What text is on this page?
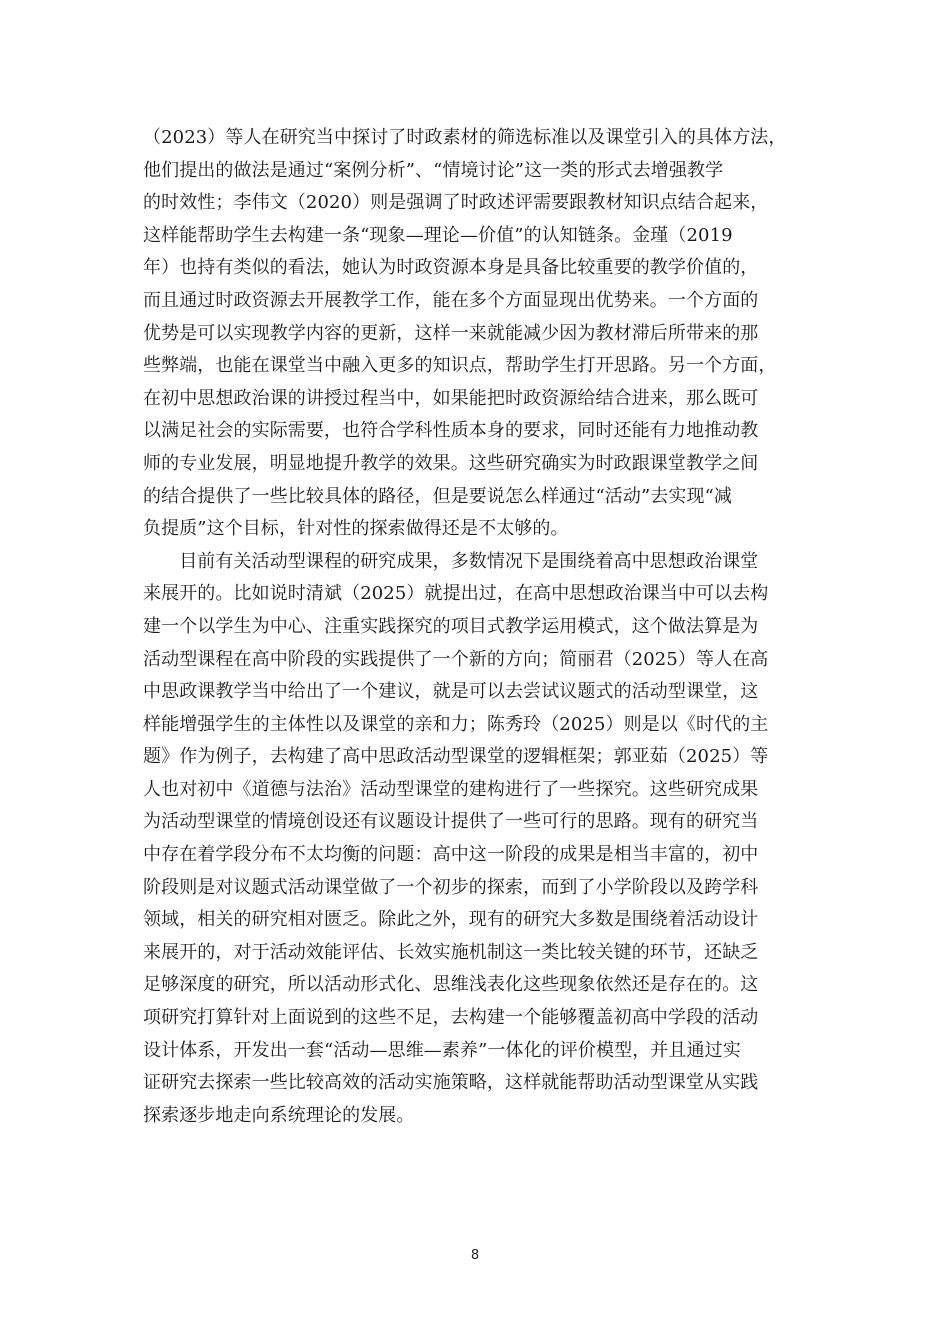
（2023）等人在研究当中探讨了时政素材的筛选标准以及课堂引入的具体方法，
他们提出的做法是通过“案例分析”、“情境讨论”这一类的形式去增强教学
的时效性；李伟文（2020）则是强调了时政述评需要跟教材知识点结合起来，
这样能帮助学生去构建一条“现象—理论—价值”的认知链条。金瑾（2019
年）也持有类似的看法，她认为时政资源本身是具备比较重要的教学价值的，
而且通过时政资源去开展教学工作，能在多个方面显现出优势来。一个方面的
优势是可以实现教学内容的更新，这样一来就能减少因为教材滞后所带来的那
些弊端，也能在课堂当中融入更多的知识点，帮助学生打开思路。另一个方面，
在初中思想政治课的讲授过程当中，如果能把时政资源给结合进来，那么既可
以满足社会的实际需要，也符合学科性质本身的要求，同时还能有力地推动教
师的专业发展，明显地提升教学的效果。这些研究确实为时政跟课堂教学之间
的结合提供了一些比较具体的路径，但是要说怎么样通过“活动”去实现“减
负提质”这个目标，针对性的探索做得还是不太够的。
　　目前有关活动型课程的研究成果，多数情况下是围绕着高中思想政治课堂
来展开的。比如说时清斌（2025）就提出过，在高中思想政治课当中可以去构
建一个以学生为中心、注重实践探究的项目式教学运用模式，这个做法算是为
活动型课程在高中阶段的实践提供了一个新的方向；简丽君（2025）等人在高
中思政课教学当中给出了一个建议，就是可以去尝试议题式的活动型课堂，这
样能增强学生的主体性以及课堂的亲和力；陈秀玲（2025）则是以《时代的主
题》作为例子，去构建了高中思政活动型课堂的逻辑框架；郭亚茹（2025）等
人也对初中《道德与法治》活动型课堂的建构进行了一些探究。这些研究成果
为活动型课堂的情境创设还有议题设计提供了一些可行的思路。现有的研究当
中存在着学段分布不太均衡的问题：高中这一阶段的成果是相当丰富的，初中
阶段则是对议题式活动课堂做了一个初步的探索，而到了小学阶段以及跨学科
领域，相关的研究相对匮乏。除此之外，现有的研究大多数是围绕着活动设计
来展开的，对于活动效能评估、长效实施机制这一类比较关键的环节，还缺乏
足够深度的研究，所以活动形式化、思维浅表化这些现象依然还是存在的。这
项研究打算针对上面说到的这些不足，去构建一个能够覆盖初高中学段的活动
设计体系，开发出一套“活动—思维—素养”一体化的评价模型，并且通过实
证研究去探索一些比较高效的活动实施策略，这样就能帮助活动型课堂从实践
探索逐步地走向系统理论的发展。
8
